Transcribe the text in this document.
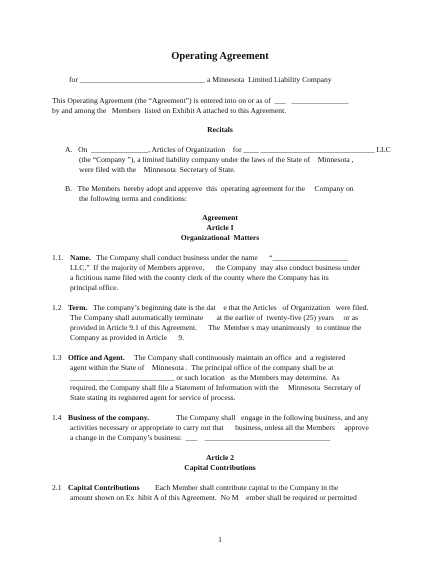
Operating Agreement
for _________________________________ a Minnesota  Limited Liability Company
This Operating Agreement (the “Agreement”) is entered into on or as of  ___   _______________
by and among the   Members  listed on Exhibit A attached to this Agreement.
Recitals
A.   On  _______________, Articles of Organization    for ____ ______________________________ LLC
(the “Company ”), a limited liability company under the laws of the State of    Minnesota ,
were filed with the    Minnesota  Secretary of State.
B.   The Members  hereby adopt and approve  this  operating agreement for the     Company on
the following terms and conditions:
Agreement
Article I
Organizational  Matters
1.1. Name. The Company shall conduct business under the name      “____________________
LLC.”  If the majority of Members approve,      the Company  may also conduct business under
a fictitious name filed with the county clerk of the county where the Company has its
principal office.
1.2 Term. The company’s beginning date is the dat    e that the Articles   of Organization   were filed.
The Company shall automatically terminate       at the earlier of  twenty-five (25) years     or as
provided in Article 9.1 of this Agreement.      The  Member s may unanimously   to continue the
Company as provided in Article      9.
1.3 Office and Agent. The Company shall continuously maintain an office  and  a registered
agent within the State of    Minnesota .  The principal office of the company shall be at
_________ __________________ or such location   as the Members may determine.  As
required, the Company shall file a Statement of Information with the     Minnesota  Secretary of
State stating its registered agent for service of process.
1.4 Business of the company.	The Company shall   engage in the following business, and any
activities necessary or appropriate to carry out that      business, unless all the Members     approve
a change in the Company’s business:  ___    _________________________________
Article 2
Capital Contributions
2.1 Capital Contributions Each Member shall contribute capital to the Company in the
amount shown on Ex  hibit A of this Agreement.  No M    ember shall be required or permitted
1
